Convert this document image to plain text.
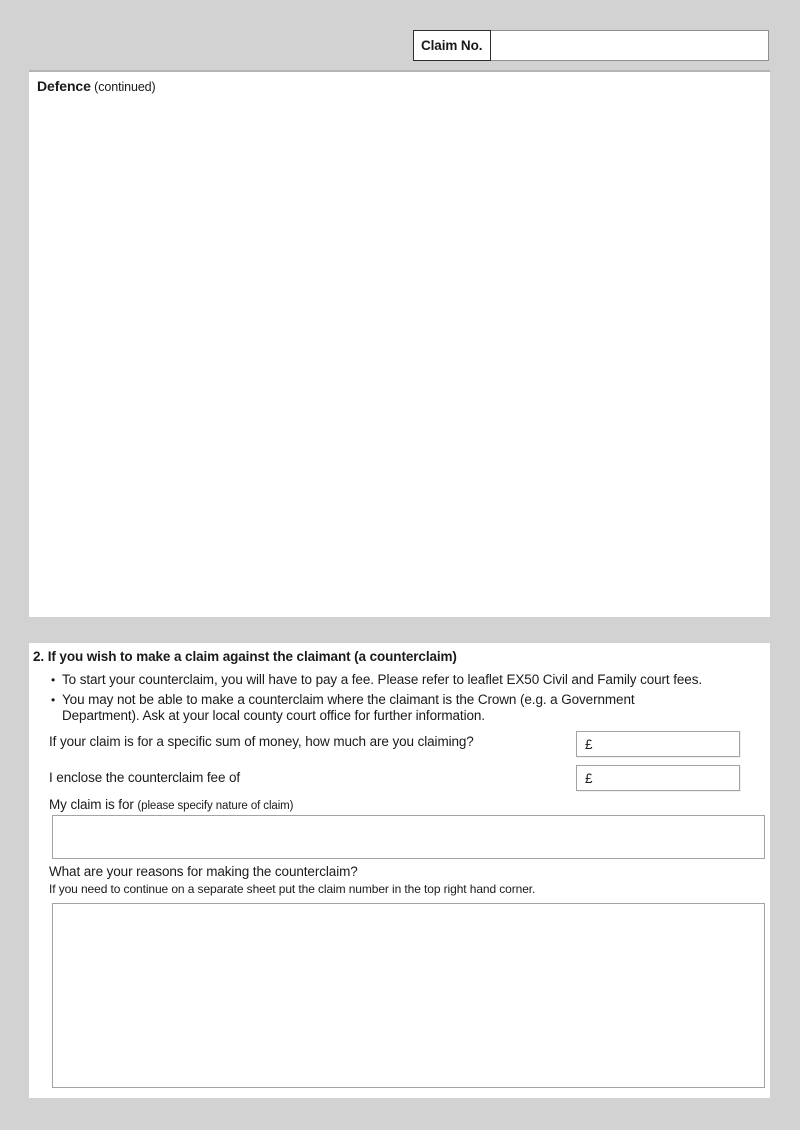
Claim No.
Defence (continued)
2. If you wish to make a claim against the claimant (a counterclaim)
• To start your counterclaim, you will have to pay a fee. Please refer to leaflet EX50 Civil and Family court fees.
• You may not be able to make a counterclaim where the claimant is the Crown (e.g. a Government Department). Ask at your local county court office for further information.
If your claim is for a specific sum of money, how much are you claiming?	£
I enclose the counterclaim fee of	£
My claim is for (please specify nature of claim)
What are your reasons for making the counterclaim?
If you need to continue on a separate sheet put the claim number in the top right hand corner.
